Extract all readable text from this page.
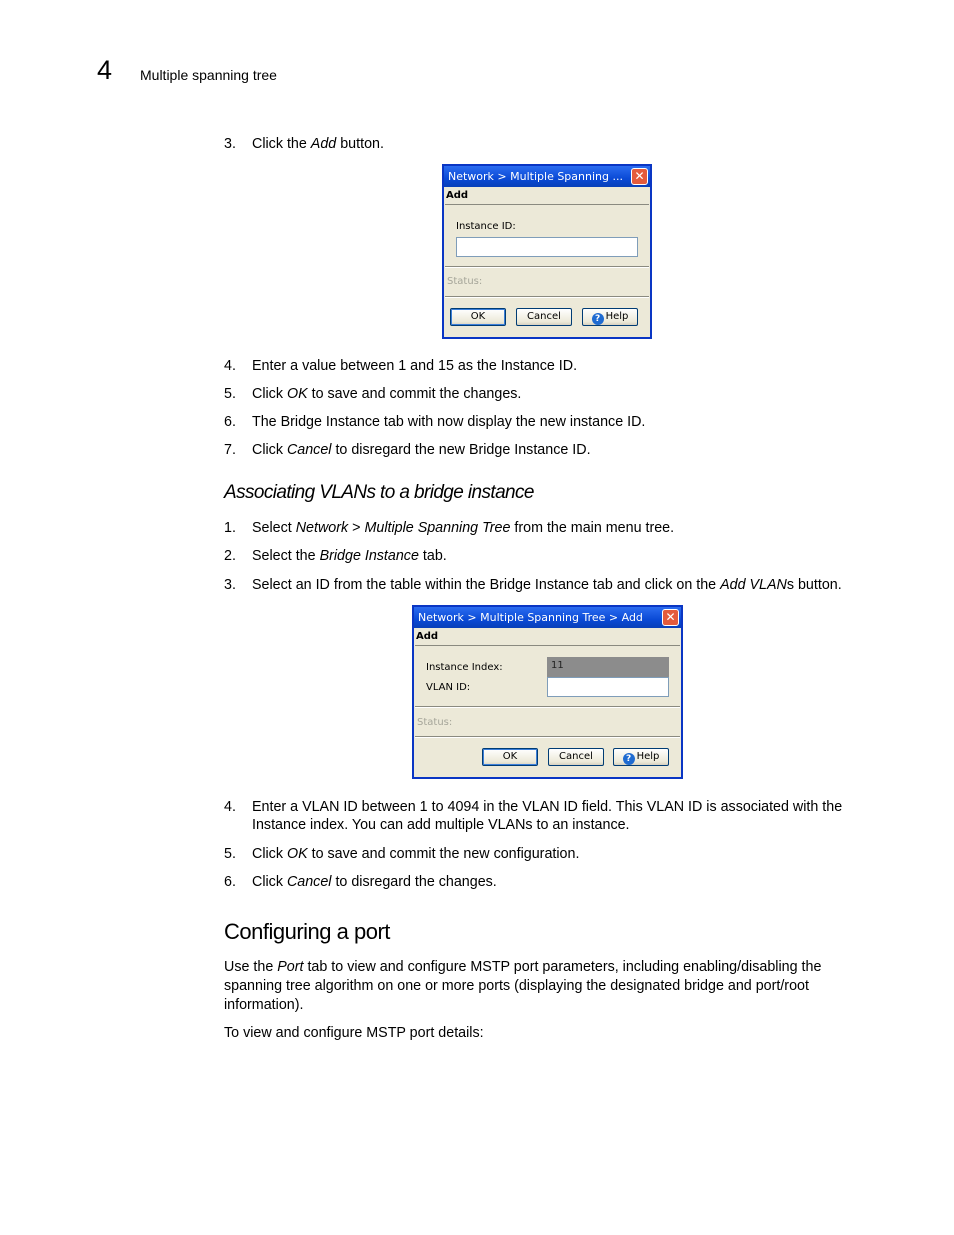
4 Multiple spanning tree
3. Click the Add button.
Network > Multiple Spanning ... ✕
Add
Instance ID:
Status:
OK	Cancel	? Help
4. Enter a value between 1 and 15 as the Instance ID.
5. Click OK to save and commit the changes.
6. The Bridge Instance tab with now display the new instance ID.
7. Click Cancel to disregard the new Bridge Instance ID.
Associating VLANs to a bridge instance
1. Select Network > Multiple Spanning Tree from the main menu tree.
2. Select the Bridge Instance tab.
3. Select an ID from the table within the Bridge Instance tab and click on the Add VLANs button.
Network > Multiple Spanning Tree > Add	✕
Add
Instance Index:	11
VLAN ID:
Status:
OK	Cancel	? Help
4. Enter a VLAN ID between 1 to 4094 in the VLAN ID field. This VLAN ID is associated with the Instance index. You can add multiple VLANs to an instance.
5. Click OK to save and commit the new configuration.
6. Click Cancel to disregard the changes.
Configuring a port
Use the Port tab to view and configure MSTP port parameters, including enabling/disabling the spanning tree algorithm on one or more ports (displaying the designated bridge and port/root information).
To view and configure MSTP port details:
